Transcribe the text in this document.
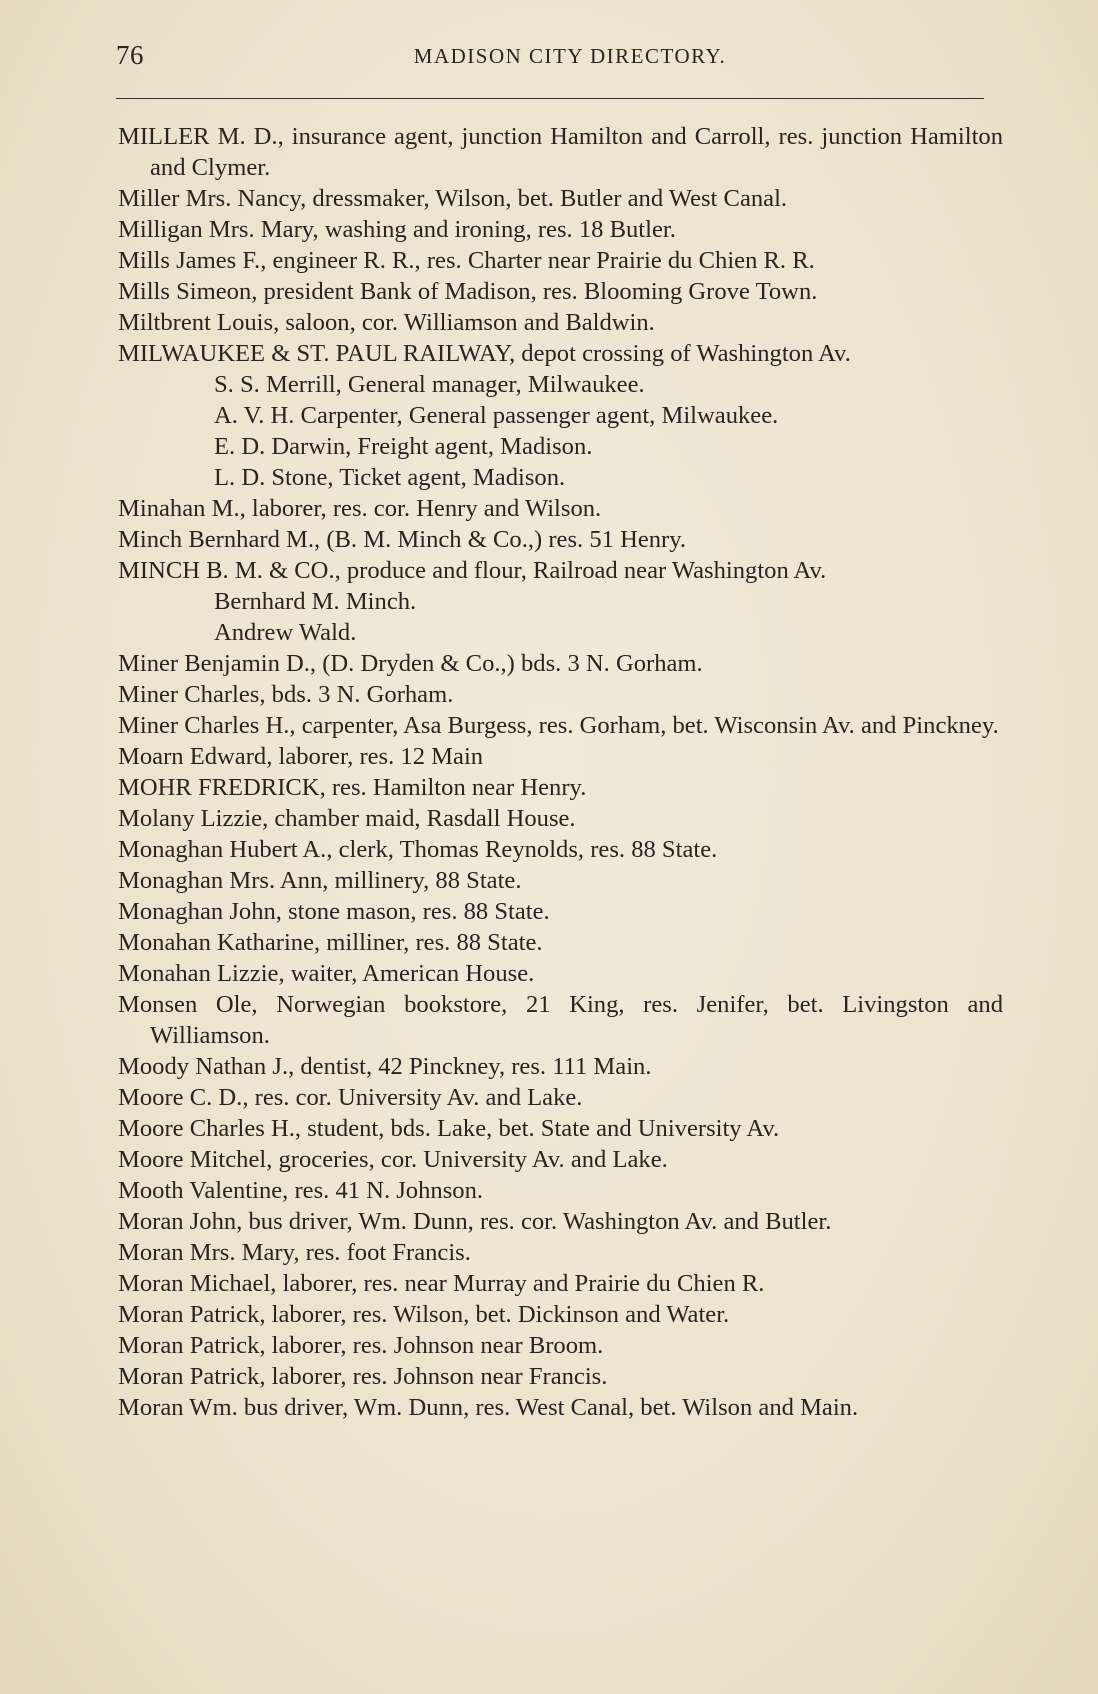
76	MADISON CITY DIRECTORY.

MILLER M. D., insurance agent, junction Hamilton and Carroll, res. junction Hamilton and Clymer.

Miller Mrs. Nancy, dressmaker, Wilson, bet. Butler and West Canal.

Milligan Mrs. Mary, washing and ironing, res. 18 Butler.

Mills James F., engineer R. R., res. Charter near Prairie du Chien R. R.

Mills Simeon, president Bank of Madison, res. Blooming Grove Town.

Miltbrent Louis, saloon, cor. Williamson and Baldwin.

MILWAUKEE & ST. PAUL RAILWAY, depot crossing of Washington Av.

S. S. Merrill, General manager, Milwaukee.

A. V. H. Carpenter, General passenger agent, Milwaukee.

E. D. Darwin, Freight agent, Madison.

L. D. Stone, Ticket agent, Madison.

Minahan M., laborer, res. cor. Henry and Wilson.

Minch Bernhard M., (B. M. Minch & Co.,) res. 51 Henry.

MINCH B. M. & CO., produce and flour, Railroad near Washington Av.

Bernhard M. Minch.

Andrew Wald.

Miner Benjamin D., (D. Dryden & Co.,) bds. 3 N. Gorham.

Miner Charles, bds. 3 N. Gorham.

Miner Charles H., carpenter, Asa Burgess, res. Gorham, bet. Wisconsin Av. and Pinckney.

Moarn Edward, laborer, res. 12 Main

MOHR FREDRICK, res. Hamilton near Henry.

Molany Lizzie, chamber maid, Rasdall House.

Monaghan Hubert A., clerk, Thomas Reynolds, res. 88 State.

Monaghan Mrs. Ann, millinery, 88 State.

Monaghan John, stone mason, res. 88 State.

Monahan Katharine, milliner, res. 88 State.

Monahan Lizzie, waiter, American House.

Monsen Ole, Norwegian bookstore, 21 King, res. Jenifer, bet. Livingston and Williamson.

Moody Nathan J., dentist, 42 Pinckney, res. 111 Main.

Moore C. D., res. cor. University Av. and Lake.

Moore Charles H., student, bds. Lake, bet. State and University Av.

Moore Mitchel, groceries, cor. University Av. and Lake.

Mooth Valentine, res. 41 N. Johnson.

Moran John, bus driver, Wm. Dunn, res. cor. Washington Av. and Butler.

Moran Mrs. Mary, res. foot Francis.

Moran Michael, laborer, res. near Murray and Prairie du Chien R.

Moran Patrick, laborer, res. Wilson, bet. Dickinson and Water.

Moran Patrick, laborer, res. Johnson near Broom.

Moran Patrick, laborer, res. Johnson near Francis.

Moran Wm. bus driver, Wm. Dunn, res. West Canal, bet. Wilson and Main.
